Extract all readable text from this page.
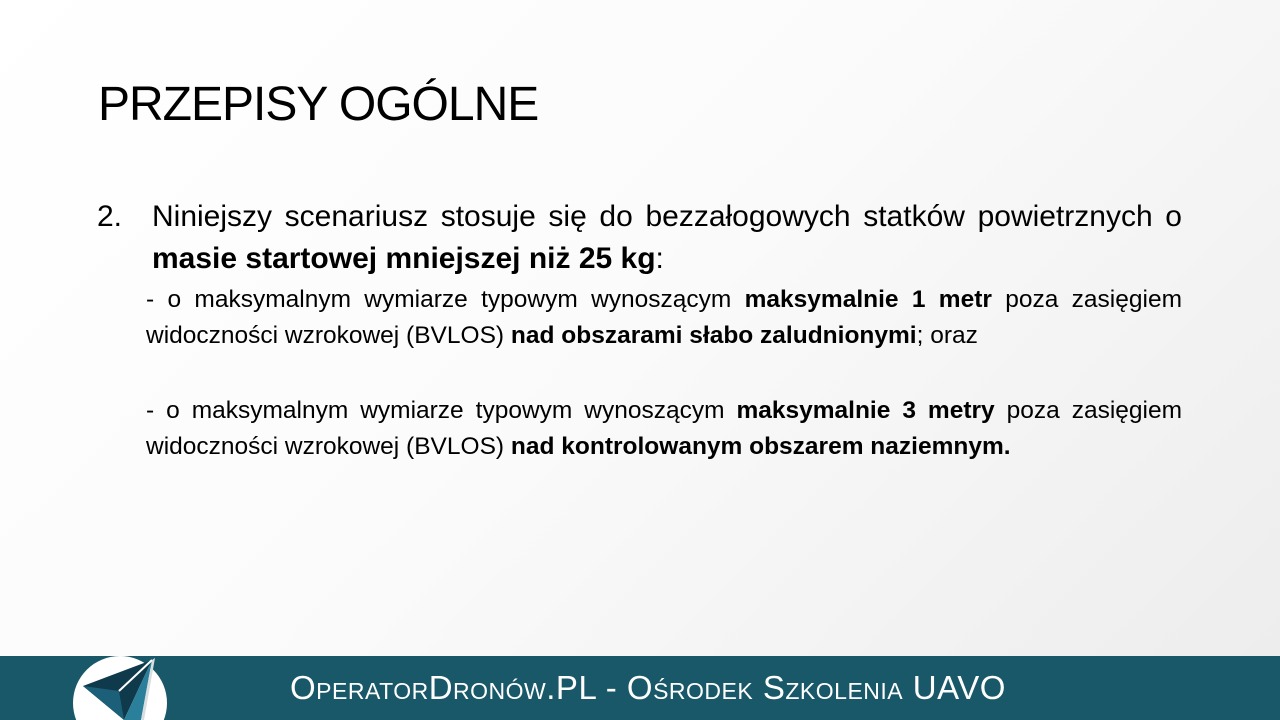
PRZEPISY OGÓLNE
2. Niniejszy scenariusz stosuje się do bezzałogowych statków powietrznych o masie startowej mniejszej niż 25 kg:
- o maksymalnym wymiarze typowym wynoszącym maksymalnie 1 metr poza zasięgiem widoczności wzrokowej (BVLOS) nad obszarami słabo zaludnionymi; oraz
- o maksymalnym wymiarze typowym wynoszącym maksymalnie 3 metry poza zasięgiem widoczności wzrokowej (BVLOS) nad kontrolowanym obszarem naziemnym.
OperatorDronów.PL - Ośrodek Szkolenia UAVO
